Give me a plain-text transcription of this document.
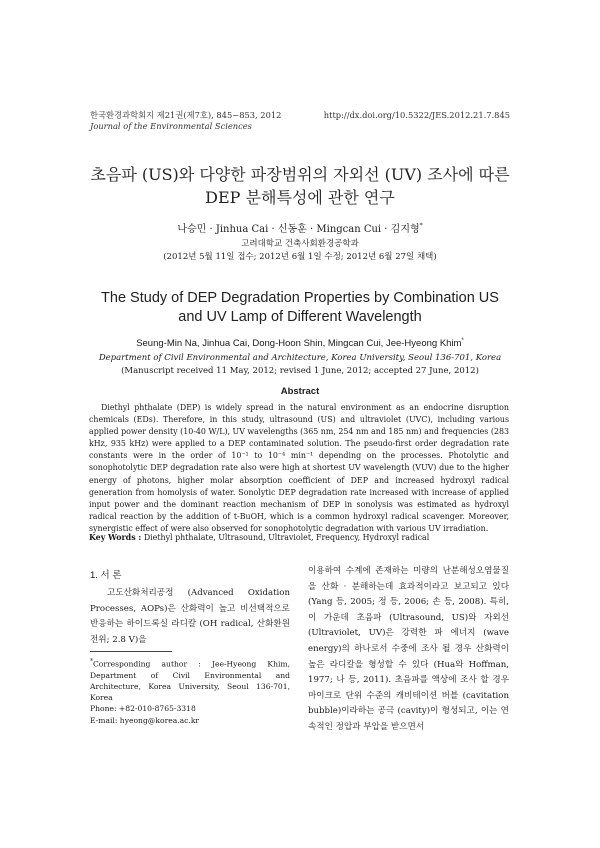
한국환경과학회지 제21권(제7호), 845~853, 2012
Journal of the Environmental Sciences
http://dx.doi.org/10.5322/JES.2012.21.7.845
초음파 (US)와 다양한 파장범위의 자외선 (UV) 조사에 따른
DEP 분해특성에 관한 연구
나승민 · Jinhua Cai · 신동훈 · Mingcan Cui · 김지형*
고려대학교 건축사회환경공학과
(2012년 5월 11일 접수; 2012년 6월 1일 수정; 2012년 6월 27일 채택)
The Study of DEP Degradation Properties by Combination US
and UV Lamp of Different Wavelength
Seung-Min Na, Jinhua Cai, Dong-Hoon Shin, Mingcan Cui, Jee-Hyeong Khim*
Department of Civil Environmental and Architecture, Korea University, Seoul 136-701, Korea
(Manuscript received 11 May, 2012; revised 1 June, 2012; accepted 27 June, 2012)
Abstract
Diethyl phthalate (DEP) is widely spread in the natural environment as an endocrine disruption chemicals (EDs). Therefore, in this study, ultrasound (US) and ultraviolet (UVC), including various applied power density (10-40 W/L), UV wavelengths (365 nm, 254 nm and 185 nm) and frequencies (283 kHz, 935 kHz) were applied to a DEP contaminated solution. The pseudo-first order degradation rate constants were in the order of 10⁻¹ to 10⁻⁴ min⁻¹ depending on the processes. Photolytic and sonophotolytic DEP degradation rate also were high at shortest UV wavelength (VUV) due to the higher energy of photons, higher molar absorption coefficient of DEP and increased hydroxyl radical generation from homolysis of water. Sonolytic DEP degradation rate increased with increase of applied input power and the dominant reaction mechanism of DEP in sonolysis was estimated as hydroxyl radical reaction by the addition of t-BuOH, which is a common hydroxyl radical scavenger. Moreover, synergistic effect of were also observed for sonophotolytic degradation with various UV irradiation.
Key Words : Diethyl phthalate, Ultrasound, Ultraviolet, Frequency, Hydroxyl radical
1. 서 론
고도산화처리공정 (Advanced Oxidation Processes, AOPs)은 산화력이 높고 비선택적으로 반응하는 하이드록실 라디칼 (OH radical, 산화환원 전위; 2.8 V)을
*Corresponding author : Jee-Hyeong Khim, Department of Civil Environmental and Architecture, Korea University, Seoul 136-701, Korea
Phone: +82-010-8765-3318
E-mail: hyeong@korea.ac.kr
이용하여 수계에 존재하는 미량의 난분해성오염물질을 산화 · 분해하는데 효과적이라고 보고되고 있다 (Yang 등, 2005; 정 등, 2006; 손 등, 2008). 특히, 이 가운데 초음파 (Ultrasound, US)와 자외선 (Ultraviolet, UV)은 강력한 파 에너지 (wave energy)의 하나로서 수중에 조사 될 경우 산화력이 높은 라디칼을 형성할 수 있다 (Hua와 Hoffman, 1977; 나 등, 2011). 초음파를 액상에 조사 할 경우 마이크로 단위 수준의 캐비테이션 버블 (cavitation bubble)이라하는 공극 (cavity)이 형성되고, 이는 연속적인 정압과 부압을 받으면서
